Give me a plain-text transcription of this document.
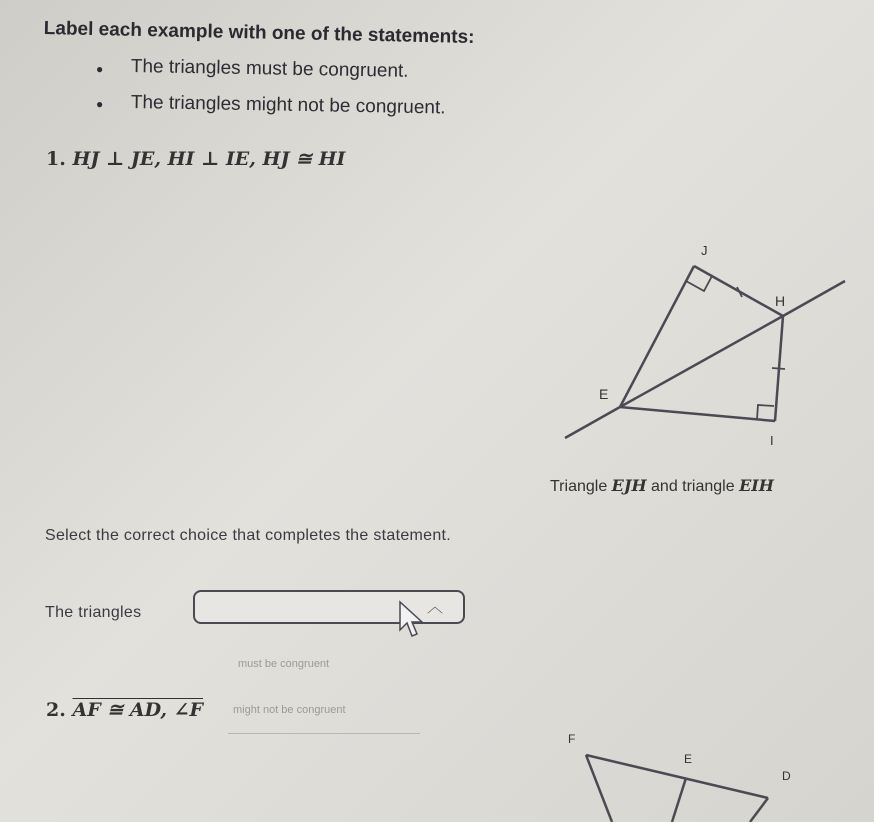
Label each example with one of the statements:
● The triangles must be congruent.
● The triangles might not be congruent.
1. HJ ⊥ JE, HI ⊥ IE, HJ ≅ HI
J
H
E
I
Triangle EJH and triangle EIH
Select the correct choice that completes the statement.
The triangles	︿
must be congruent
might not be congruent
2. AF ≅ AD, ∠F
F
E
D
